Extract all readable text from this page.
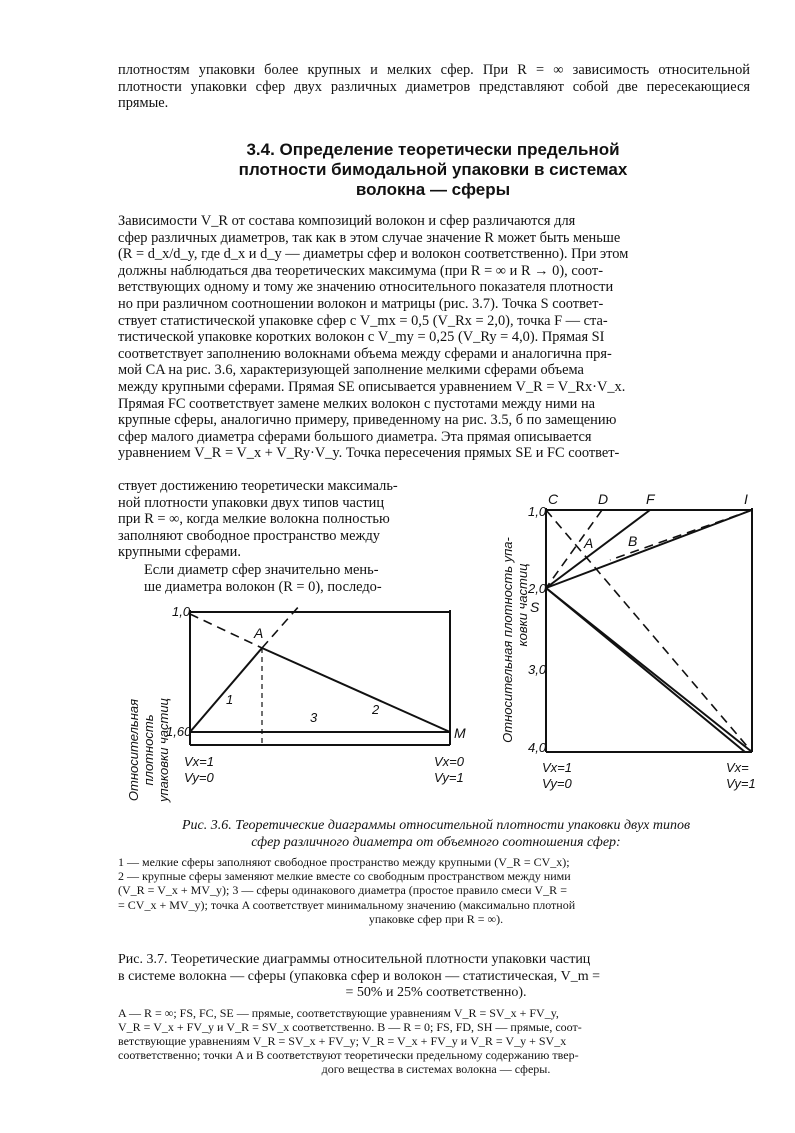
плотностям упаковки более крупных и мелких сфер. При R = ∞ зависимость относительной плотности упаковки сфер двух различных диаметров представляют собой две пересекающиеся прямые.
3.4. Определение теоретически предельной
плотности бимодальной упаковки в системах
волокна — сферы
Зависимости V_R от состава композиций волокон и сфер различаются для
сфер различных диаметров, так как в этом случае значение R может быть меньше
(R = d_x/d_y, где d_x и d_y — диаметры сфер и волокон соответственно). При этом
должны наблюдаться два теоретических максимума (при R = ∞ и R → 0), соот-
ветствующих одному и тому же значению относительного показателя плотности
но при различном соотношении волокон и матрицы (рис. 3.7). Точка S соответ-
ствует статистической упаковке сфер с V_mx = 0,5 (V_Rx = 2,0), точка F — ста-
тистической упаковке коротких волокон с V_my = 0,25 (V_Ry = 4,0). Прямая SI
соответствует заполнению волокнами объема между сферами и аналогична пря-
мой CA на рис. 3.6, характеризующей заполнение мелкими сферами объема
между крупными сферами. Прямая SE описывается уравнением V_R = V_Rx·V_x.
Прямая FC соответствует замене мелких волокон с пустотами между ними на
крупные сферы, аналогично примеру, приведенному на рис. 3.5, б по замещению
сфер малого диаметра сферами большого диаметра. Эта прямая описывается
уравнением V_R = V_x + V_Ry·V_y. Точка пересечения прямых SE и FC соответ-
ствует достижению теоретически максималь-
ной плотности упаковки двух типов частиц
при R = ∞, когда мелкие волокна полностью
заполняют свободное пространство между
крупными сферами.
Если диаметр сфер значительно мень-
ше диаметра волокон (R = 0), последо-
Относительная плотность упаковки частиц
1,0
1,60
A
M
1
2
3
Vx=1
Vy=0
Vx=0
Vy=1
Относительная плотность упа- ковки частиц
1,0
2,0
3,0
4,0
C	D	F	I
A B
S
Vx=1
Vy=0
Vx=
Vy=1
Рис. 3.6. Теоретические диаграммы относительной плотности упаковки двух типов
сфер различного диаметра от объемного соотношения сфер:
1 — мелкие сферы заполняют свободное пространство между крупными (V_R = CV_x);
2 — крупные сферы заменяют мелкие вместе со свободным пространством между ними
(V_R = V_x + MV_y); 3 — сферы одинакового диаметра (простое правило смеси V_R =
= CV_x + MV_y); точка A соответствует минимальному значению (максимально плотной
упаковке сфер при R = ∞).
Рис. 3.7. Теоретические диаграммы относительной плотности упаковки частиц
в системе волокна — сферы (упаковка сфер и волокон — статистическая, V_m =
= 50% и 25% соответственно).
A — R = ∞; FS, FC, SE — прямые, соответствующие уравнениям V_R = SV_x + FV_y,
V_R = V_x + FV_y и V_R = SV_x соответственно. B — R = 0; FS, FD, SH — прямые, соот-
ветствующие уравнениям V_R = SV_x + FV_y; V_R = V_x + FV_y и V_R = V_y + SV_x
соответственно; точки A и B соответствуют теоретически предельному содержанию твер-
дого вещества в системах волокна — сферы.
